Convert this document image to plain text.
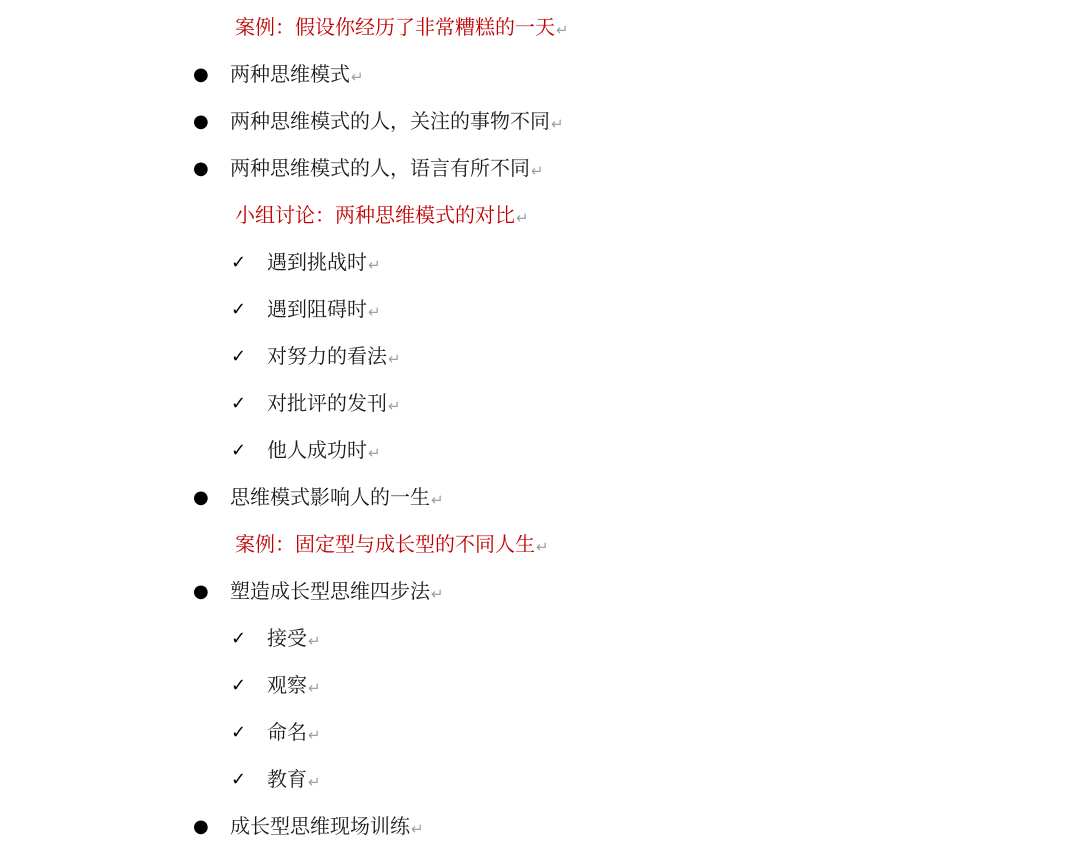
案例：假设你经历了非常糟糕的一天↵
● 两种思维模式↵
● 两种思维模式的人，关注的事物不同↵
● 两种思维模式的人，语言有所不同↵
小组讨论：两种思维模式的对比↵
✓ 遇到挑战时↵
✓ 遇到阻碍时↵
✓ 对努力的看法↵
✓ 对批评的发刊↵
✓ 他人成功时↵
● 思维模式影响人的一生↵
案例：固定型与成长型的不同人生↵
● 塑造成长型思维四步法↵
✓ 接受↵
✓ 观察↵
✓ 命名↵
✓ 教育↵
● 成长型思维现场训练↵
